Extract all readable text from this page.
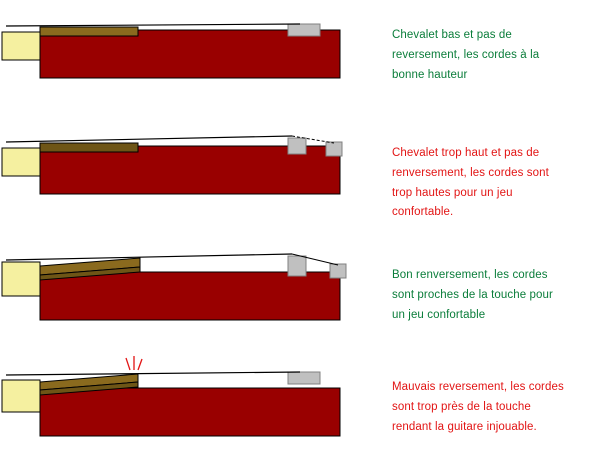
Chevalet bas et pas de
reversement, les cordes à la
bonne hauteur
Chevalet trop haut et pas de
renversement, les cordes sont
trop hautes pour un jeu
confortable.
Bon renversement, les cordes
sont proches de la touche pour
un jeu confortable
Mauvais reversement, les cordes
sont trop près de la touche
rendant la guitare injouable.
